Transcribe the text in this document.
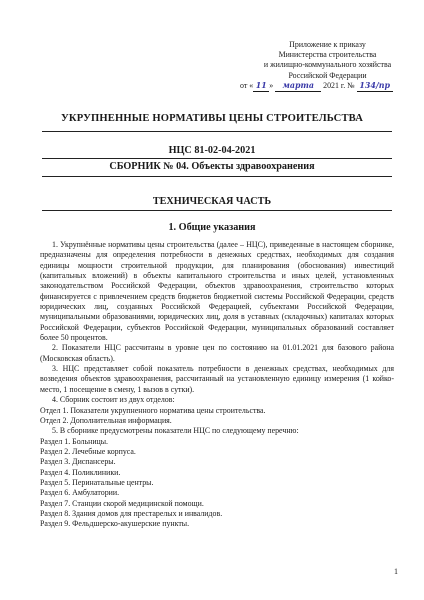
Приложение к приказу
Министерства строительства
и жилищно-коммунального хозяйства
Российской Федерации
от « 11 » марта 2021 г. № 134/пр
УКРУПНЕННЫЕ НОРМАТИВЫ ЦЕНЫ СТРОИТЕЛЬСТВА
НЦС 81-02-04-2021
СБОРНИК № 04. Объекты здравоохранения
ТЕХНИЧЕСКАЯ ЧАСТЬ
1. Общие указания

1. Укрупнённые нормативы цены строительства (далее – НЦС), приведенные в настоящем сборнике, предназначены для определения потребности в денежных средствах, необходимых для создания единицы мощности строительной продукции, для планирования (обоснования) инвестиций (капитальных вложений) в объекты капитального строительства и иных целей, установленных законодательством Российской Федерации, объектов здравоохранения, строительство которых финансируется с привлечением средств бюджетов бюджетной системы Российской Федерации, средств юридических лиц, созданных Российской Федерацией, субъектами Российской Федерации, муниципальными образованиями, юридических лиц, доля в уставных (складочных) капиталах которых Российской Федерации, субъектов Российской Федерации, муниципальных образований составляет более 50 процентов.

2. Показатели НЦС рассчитаны в уровне цен по состоянию на 01.01.2021 для базового района (Московская область).

3. НЦС представляет собой показатель потребности в денежных средствах, необходимых для возведения объектов здравоохранения, рассчитанный на установленную единицу измерения (1 койко-место, 1 посещение в смену, 1 вызов в сутки).

4. Сборник состоит из двух отделов:

Отдел 1. Показатели укрупненного норматива цены строительства.

Отдел 2. Дополнительная информация.

5. В сборнике предусмотрены показатели НЦС по следующему перечню:

Раздел 1. Больницы.

Раздел 2. Лечебные корпуса.

Раздел 3. Диспансеры.

Раздел 4. Поликлиники.

Раздел 5. Перинатальные центры.

Раздел 6. Амбулатории.

Раздел 7. Станции скорой медицинской помощи.

Раздел 8. Здания домов для престарелых и инвалидов.

Раздел 9. Фельдшерско-акушерские пункты.

1
